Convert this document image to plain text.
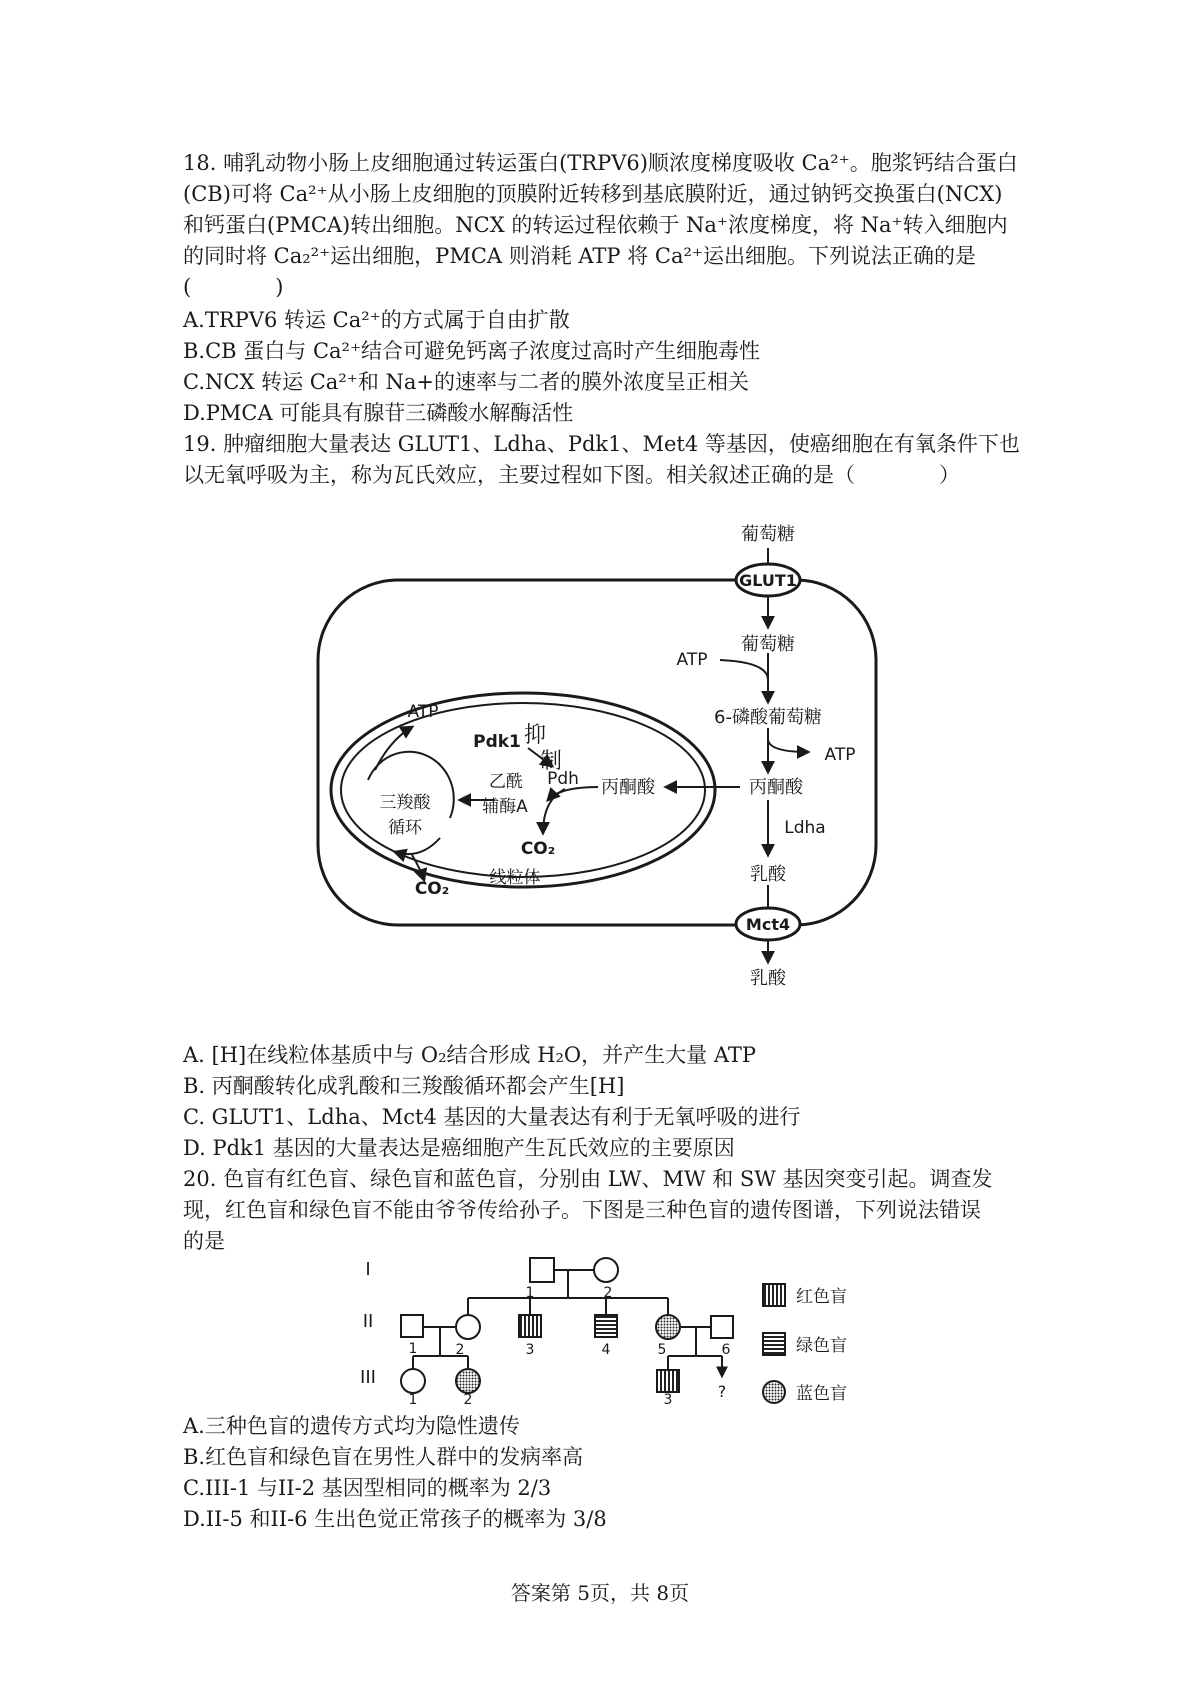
18. 哺乳动物小肠上皮细胞通过转运蛋白(TRPV6)顺浓度梯度吸收 Ca²⁺。胞浆钙结合蛋白
(CB)可将 Ca²⁺从小肠上皮细胞的顶膜附近转移到基底膜附近，通过钠钙交换蛋白(NCX)
和钙蛋白(PMCA)转出细胞。NCX 的转运过程依赖于 Na⁺浓度梯度，将 Na⁺转入细胞内
的同时将 Ca₂²⁺运出细胞，PMCA 则消耗 ATP 将 Ca²⁺运出细胞。下列说法正确的是
(　　　　)
A.TRPV6 转运 Ca²⁺的方式属于自由扩散
B.CB 蛋白与 Ca²⁺结合可避免钙离子浓度过高时产生细胞毒性
C.NCX 转运 Ca²⁺和 Na+的速率与二者的膜外浓度呈正相关
D.PMCA 可能具有腺苷三磷酸水解酶活性
19. 肿瘤细胞大量表达 GLUT1、Ldha、Pdk1、Met4 等基因，使癌细胞在有氧条件下也
以无氧呼吸为主，称为瓦氏效应，主要过程如下图。相关叙述正确的是（　　　　）
葡萄糖
GLUT1
葡萄糖
ATP
6-磷酸葡萄糖
ATP
丙酮酸
Ldha
乳酸
Mct4
乳酸
丙酮酸
Pdk1 抑
制
Pdh
乙酰
辅酶A
CO₂
三羧酸
循环
CO₂
ATP
线粒体
A. [H]在线粒体基质中与 O₂结合形成 H₂O，并产生大量 ATP
B. 丙酮酸转化成乳酸和三羧酸循环都会产生[H]
C. GLUT1、Ldha、Mct4 基因的大量表达有利于无氧呼吸的进行
D. Pdk1 基因的大量表达是癌细胞产生瓦氏效应的主要原因
20. 色盲有红色盲、绿色盲和蓝色盲，分别由 LW、MW 和 SW 基因突变引起。调查发
现，红色盲和绿色盲不能由爷爷传给孙子。下图是三种色盲的遗传图谱，下列说法错误
的是
I
II
III
1	2
1	2	3	4	5	6
1	2	3	?
红色盲
绿色盲
蓝色盲
A.三种色盲的遗传方式均为隐性遗传
B.红色盲和绿色盲在男性人群中的发病率高
C.III-1 与II-2 基因型相同的概率为 2/3
D.II-5 和II-6 生出色觉正常孩子的概率为 3/8
答案第 5页，共 8页
